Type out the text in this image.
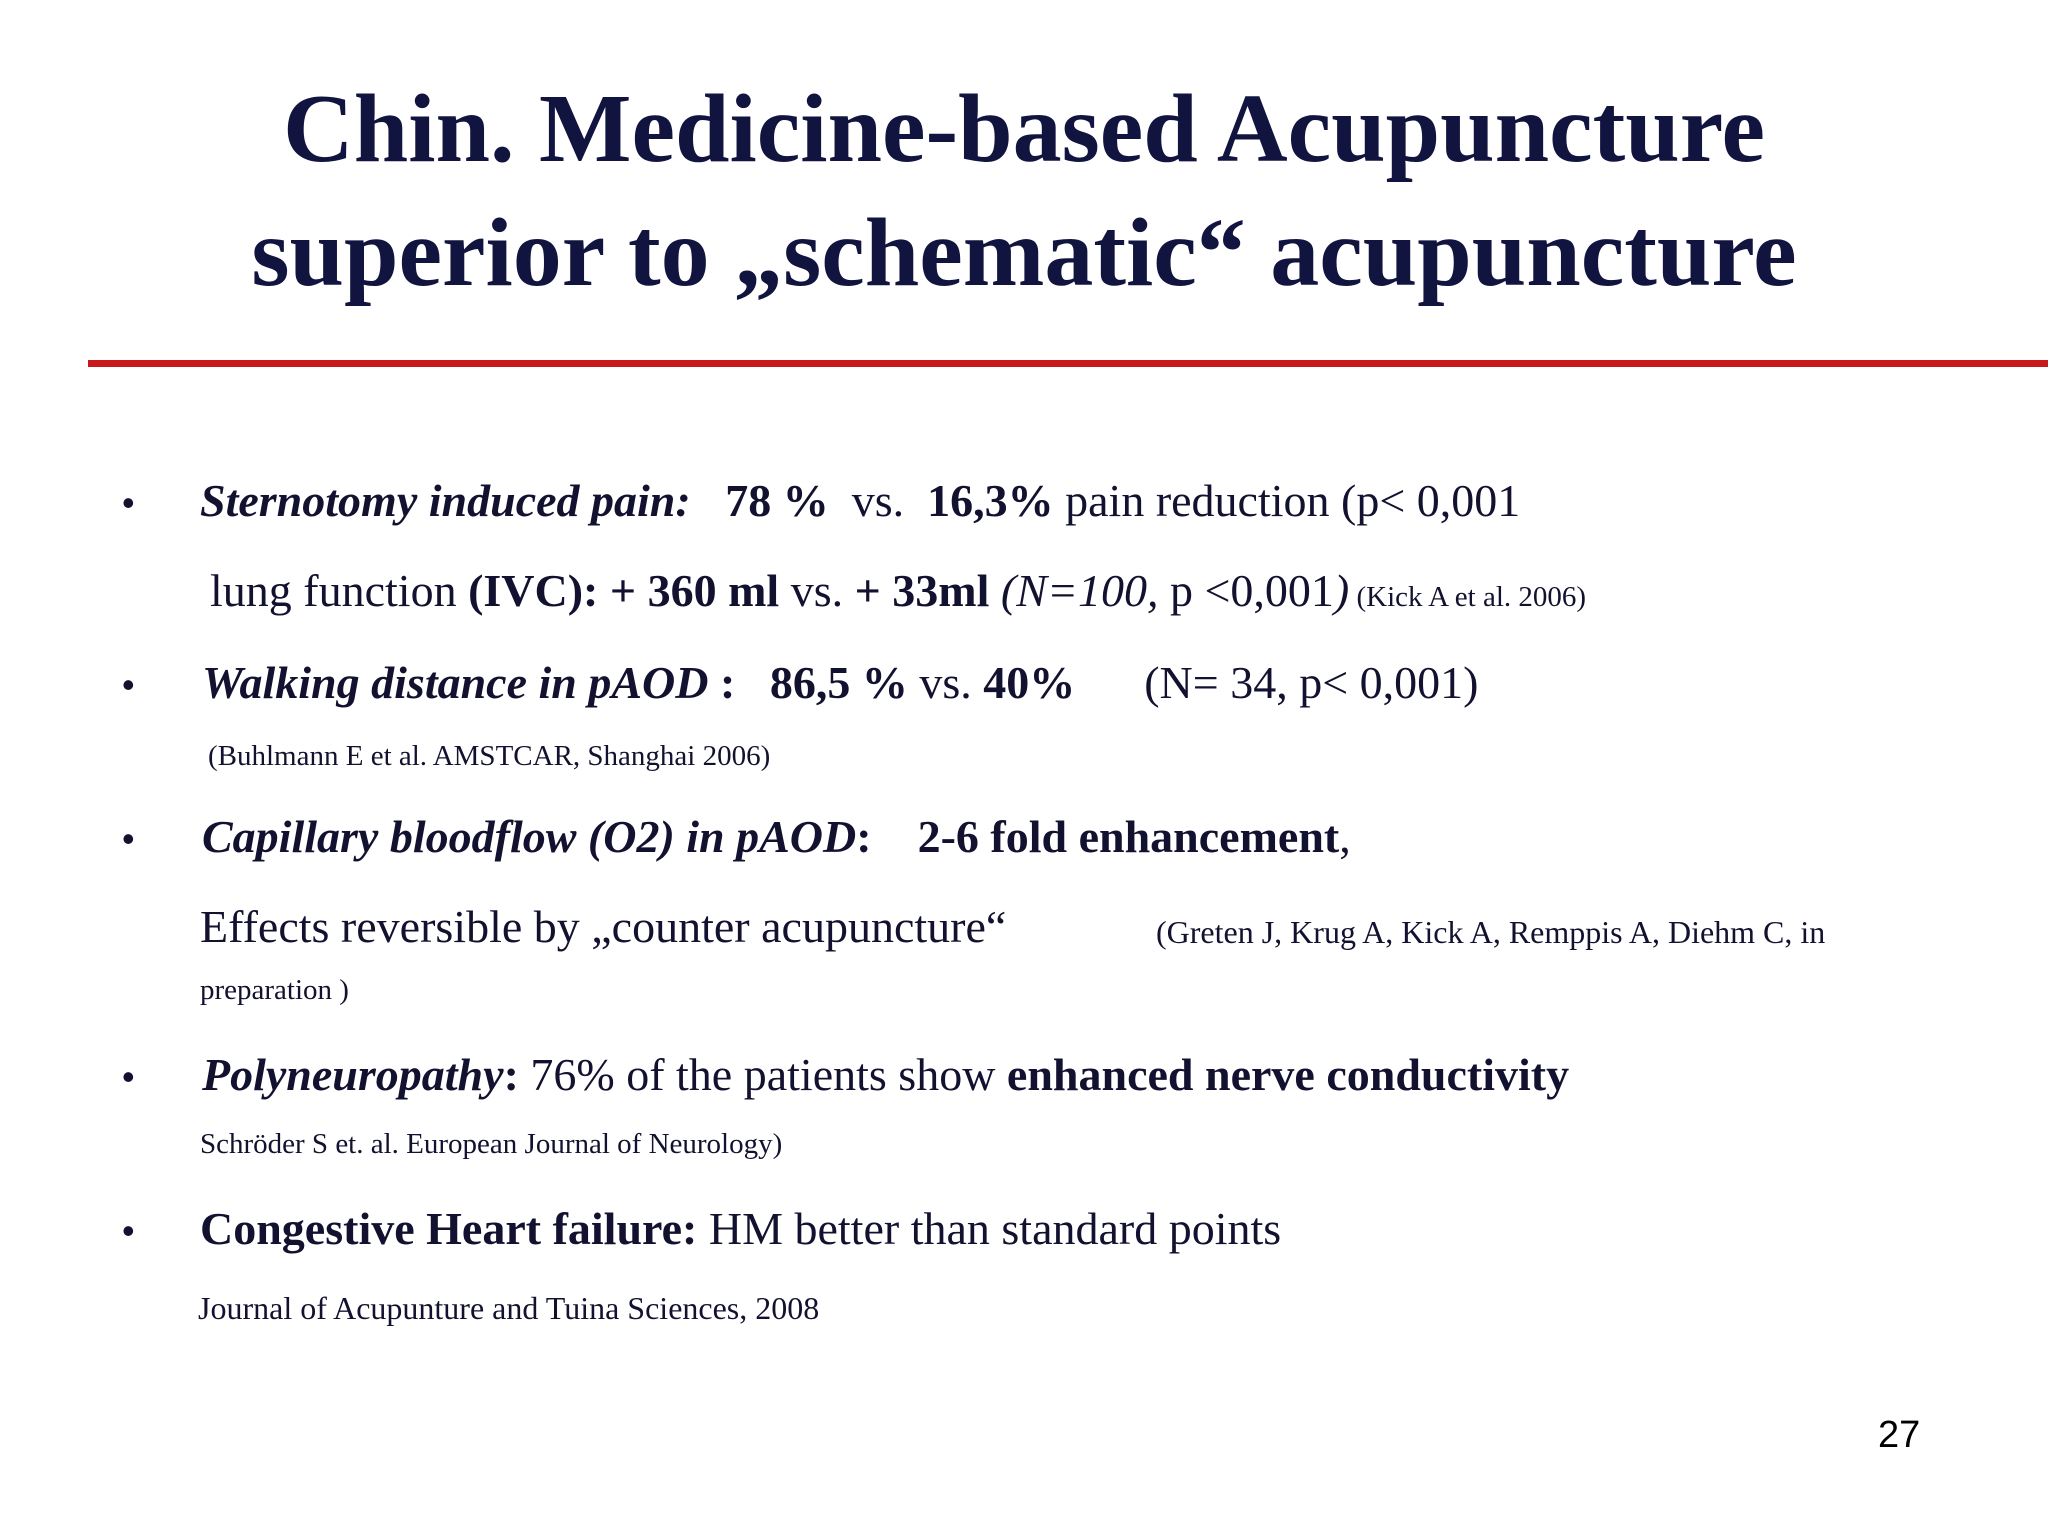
Chin. Medicine-based Acupuncture
superior to „schematic“ acupuncture
• Sternotomy induced pain: 78 % vs. 16,3% pain reduction (p< 0,001
lung function (IVC): + 360 ml vs. + 33ml (N=100, p <0,001) (Kick A et al. 2006)
• Walking distance in pAOD : 86,5 % vs. 40% (N= 34, p< 0,001)
(Buhlmann E et al. AMSTCAR, Shanghai 2006)
• Capillary bloodflow (O2) in pAOD: 2-6 fold enhancement,
Effects reversible by „counter acupuncture“	(Greten J, Krug A, Kick A, Remppis A, Diehm C, in
preparation )
• Polyneuropathy: 76% of the patients show enhanced nerve conductivity
Schröder S et. al. European Journal of Neurology)
• Congestive Heart failure: HM better than standard points
Journal of Acupunture and Tuina Sciences, 2008
27
